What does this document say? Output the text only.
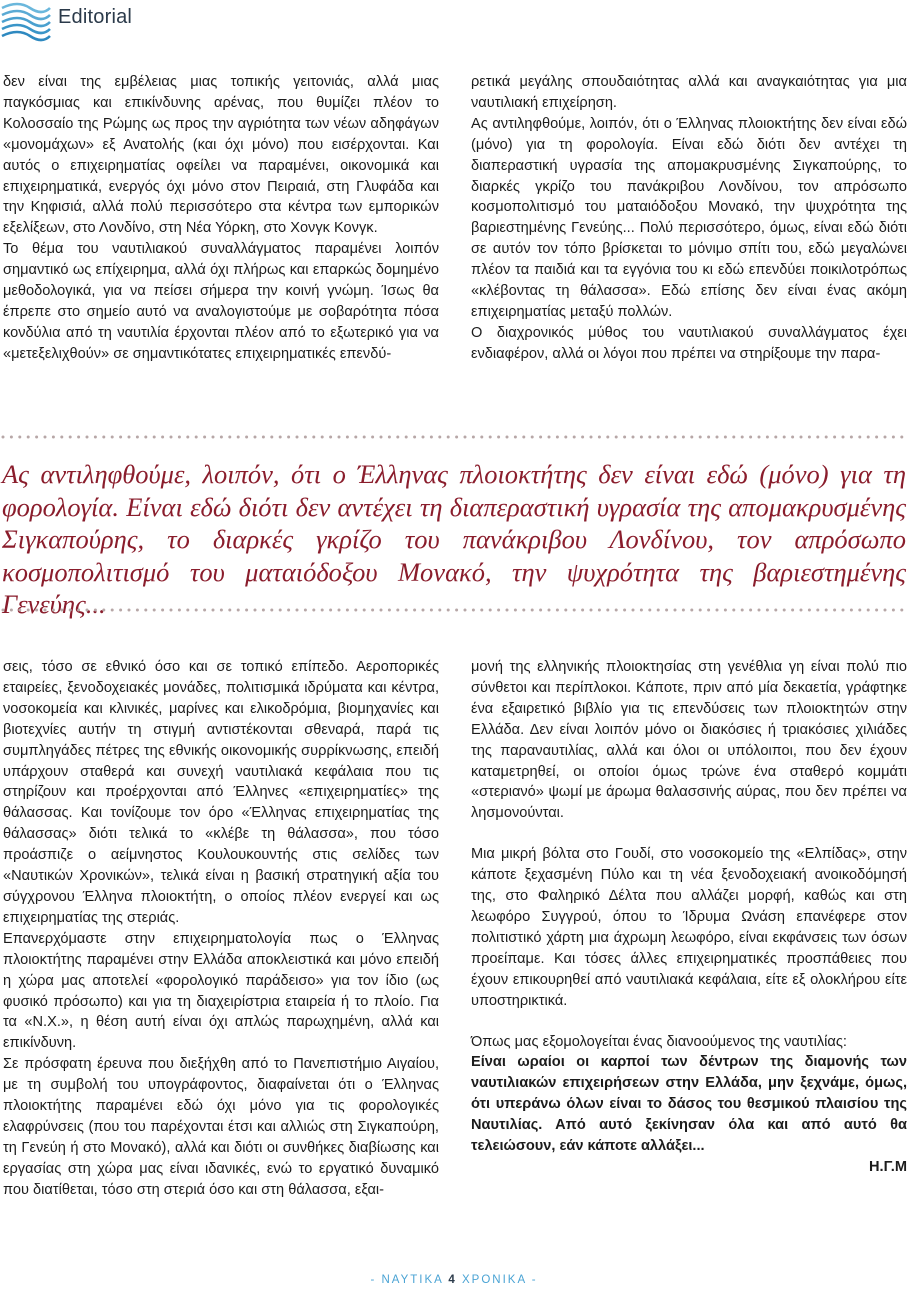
Editorial

δεν είναι της εμβέλειας μιας τοπικής γειτονιάς, αλλά μιας παγκόσμιας και επικίνδυνης αρένας, που θυμίζει πλέον το Κολοσσαίο της Ρώμης ως προς την αγριότητα των νέων αδηφάγων «μονομάχων» εξ Ανατολής (και όχι μόνο) που εισέρχονται. Και αυτός ο επιχειρηματίας οφείλει να παραμένει, οικονομικά και επιχειρηματικά, ενεργός όχι μόνο στον Πειραιά, στη Γλυφάδα και την Κηφισιά, αλλά πολύ περισσότερο στα κέντρα των εμπορικών εξελίξεων, στο Λονδίνο, στη Νέα Υόρκη, στο Χονγκ Κονγκ.

Το θέμα του ναυτιλιακού συναλλάγματος παραμένει λοιπόν σημαντικό ως επίχειρημα, αλλά όχι πλήρως και επαρκώς δομημένο μεθοδολογικά, για να πείσει σήμερα την κοινή γνώμη. Ίσως θα έπρεπε στο σημείο αυτό να αναλογιστούμε με σοβαρότητα πόσα κονδύλια από τη ναυτιλία έρχονται πλέον από το εξωτερικό για να «μετεξελιχθούν» σε σημαντικότατες επιχειρηματικές επενδύ-

ρετικά μεγάλης σπουδαιότητας αλλά και αναγκαιότητας για μια ναυτιλιακή επιχείρηση.

Ας αντιληφθούμε, λοιπόν, ότι ο Έλληνας πλοιοκτήτης δεν είναι εδώ (μόνο) για τη φορολογία. Είναι εδώ διότι δεν αντέχει τη διαπεραστική υγρασία της απομακρυσμένης Σιγκαπούρης, το διαρκές γκρίζο του πανάκριβου Λονδίνου, τον απρόσωπο κοσμοπολιτισμό του ματαιόδοξου Μονακό, την ψυχρότητα της βαριεστημένης Γενεύης... Πολύ περισσότερο, όμως, είναι εδώ διότι σε αυτόν τον τόπο βρίσκεται το μόνιμο σπίτι του, εδώ μεγαλώνει πλέον τα παιδιά και τα εγγόνια του κι εδώ επενδύει ποικιλοτρόπως «κλέβοντας τη θάλασσα». Εδώ επίσης δεν είναι ένας ακόμη επιχειρηματίας μεταξύ πολλών.

Ο διαχρονικός μύθος του ναυτιλιακού συναλλάγματος έχει ενδιαφέρον, αλλά οι λόγοι που πρέπει να στηρίξουμε την παρα-

Ας αντιληφθούμε, λοιπόν, ότι ο Έλληνας πλοιοκτήτης δεν είναι εδώ (μόνο) για τη φορολογία. Είναι εδώ διότι δεν αντέχει τη διαπεραστική υγρασία της απομακρυσμένης Σιγκαπούρης, το διαρκές γκρίζο του πανάκριβου Λονδίνου, τον απρόσωπο κοσμοπολιτισμό του ματαιόδοξου Μονακό, την ψυχρότητα της βαριεστημένης Γενεύης...

σεις, τόσο σε εθνικό όσο και σε τοπικό επίπεδο. Αεροπορικές εταιρείες, ξενοδοχειακές μονάδες, πολιτισμικά ιδρύματα και κέντρα, νοσοκομεία και κλινικές, μαρίνες και ελικοδρόμια, βιομηχανίες και βιοτεχνίες αυτήν τη στιγμή αντιστέκονται σθεναρά, παρά τις συμπληγάδες πέτρες της εθνικής οικονομικής συρρίκνωσης, επειδή υπάρχουν σταθερά και συνεχή ναυτιλιακά κεφάλαια που τις στηρίζουν και προέρχονται από Έλληνες «επιχειρηματίες» της θάλασσας. Και τονίζουμε τον όρο «Έλληνας επιχειρηματίας της θάλασσας» διότι τελικά το «κλέβε τη θάλασσα», που τόσο προάσπιζε ο αείμνηστος Κουλουκουντής στις σελίδες των «Ναυτικών Χρονικών», τελικά είναι η βασική στρατηγική αξία του σύγχρονου Έλληνα πλοιοκτήτη, ο οποίος πλέον ενεργεί και ως επιχειρηματίας της στεριάς.

Επανερχόμαστε στην επιχειρηματολογία πως ο Έλληνας πλοιοκτήτης παραμένει στην Ελλάδα αποκλειστικά και μόνο επειδή η χώρα μας αποτελεί «φορολογικό παράδεισο» για τον ίδιο (ως φυσικό πρόσωπο) και για τη διαχειρίστρια εταιρεία ή το πλοίο. Για τα «Ν.Χ.», η θέση αυτή είναι όχι απλώς παρωχημένη, αλλά και επικίνδυνη.

Σε πρόσφατη έρευνα που διεξήχθη από το Πανεπιστήμιο Αιγαίου, με τη συμβολή του υπογράφοντος, διαφαίνεται ότι ο Έλληνας πλοιοκτήτης παραμένει εδώ όχι μόνο για τις φορολογικές ελαφρύνσεις (που του παρέχονται έτσι και αλλιώς στη Σιγκαπούρη, τη Γενεύη ή στο Μονακό), αλλά και διότι οι συνθήκες διαβίωσης και εργασίας στη χώρα μας είναι ιδανικές, ενώ το εργατικό δυναμικό που διατίθεται, τόσο στη στεριά όσο και στη θάλασσα, εξαι-

μονή της ελληνικής πλοιοκτησίας στη γενέθλια γη είναι πολύ πιο σύνθετοι και περίπλοκοι. Κάποτε, πριν από μία δεκαετία, γράφτηκε ένα εξαιρετικό βιβλίο για τις επενδύσεις των πλοιοκτητών στην Ελλάδα. Δεν είναι λοιπόν μόνο οι διακόσιες ή τριακόσιες χιλιάδες της παραναυτιλίας, αλλά και όλοι οι υπόλοιποι, που δεν έχουν καταμετρηθεί, οι οποίοι όμως τρώνε ένα σταθερό κομμάτι «στεριανό» ψωμί με άρωμα θαλασσινής αύρας, που δεν πρέπει να λησμονούνται.

Μια μικρή βόλτα στο Γουδί, στο νοσοκομείο της «Ελπίδας», στην κάποτε ξεχασμένη Πύλο και τη νέα ξενοδοχειακή ανοικοδόμησή της, στο Φαληρικό Δέλτα που αλλάζει μορφή, καθώς και στη λεωφόρο Συγγρού, όπου το Ίδρυμα Ωνάση επανέφερε στον πολιτιστικό χάρτη μια άχρωμη λεωφόρο, είναι εκφάνσεις των όσων προείπαμε. Και τόσες άλλες επιχειρηματικές προσπάθειες που έχουν επικουρηθεί από ναυτιλιακά κεφάλαια, είτε εξ ολοκλήρου είτε υποστηρικτικά.

Όπως μας εξομολογείται ένας διανοούμενος της ναυτιλίας:

Είναι ωραίοι οι καρποί των δέντρων της διαμονής των ναυτιλιακών επιχειρήσεων στην Ελλάδα, μην ξεχνάμε, όμως, ότι υπεράνω όλων είναι το δάσος του θεσμικού πλαισίου της Ναυτιλίας. Από αυτό ξεκίνησαν όλα και από αυτό θα τελειώσουν, εάν κάποτε αλλάξει...

Η.Γ.Μ

- ΝΑΥΤΙΚΑ 4 ΧΡΟΝΙΚΑ -
